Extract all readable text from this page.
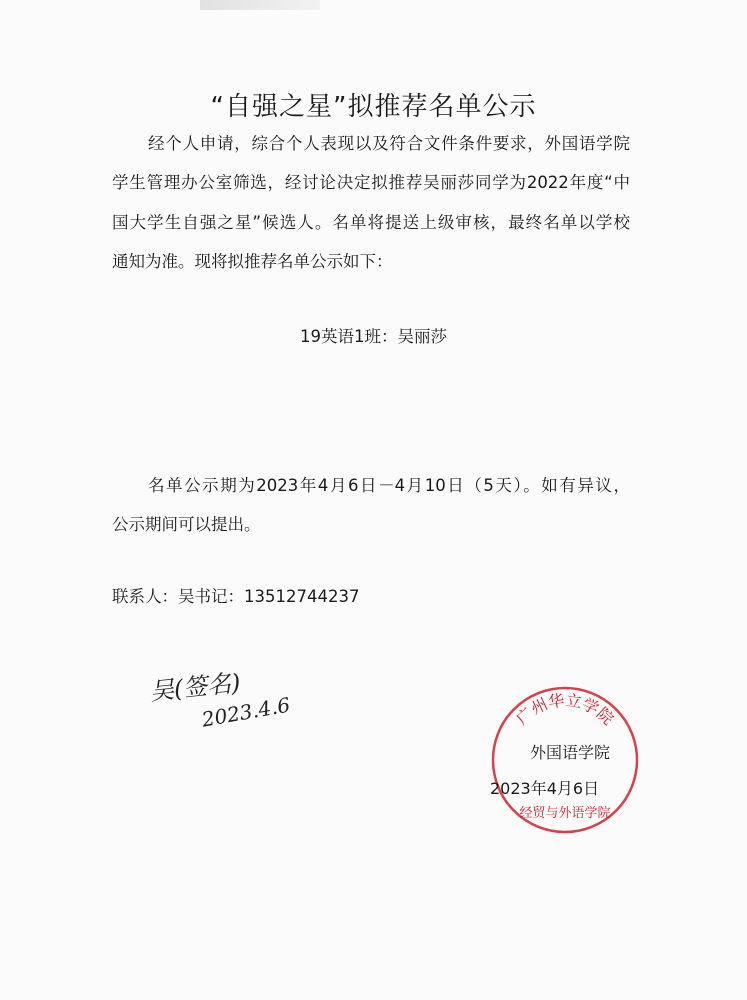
“自强之星”拟推荐名单公示
经个人申请，综合个人表现以及符合文件条件要求，外国语学院
学生管理办公室筛选，经讨论决定拟推荐吴丽莎同学为2022年度“中
国大学生自强之星”候选人。名单将提送上级审核，最终名单以学校
通知为准。现将拟推荐名单公示如下：
19英语1班：吴丽莎
名单公示期为2023年4月6日－4月10日（5天）。如有异议，
公示期间可以提出。
联系人：吴书记：13512744237
吴(签名)
2023.4.6	广州华立学院
经贸与外语学院
外国语学院
2023年4月6日
